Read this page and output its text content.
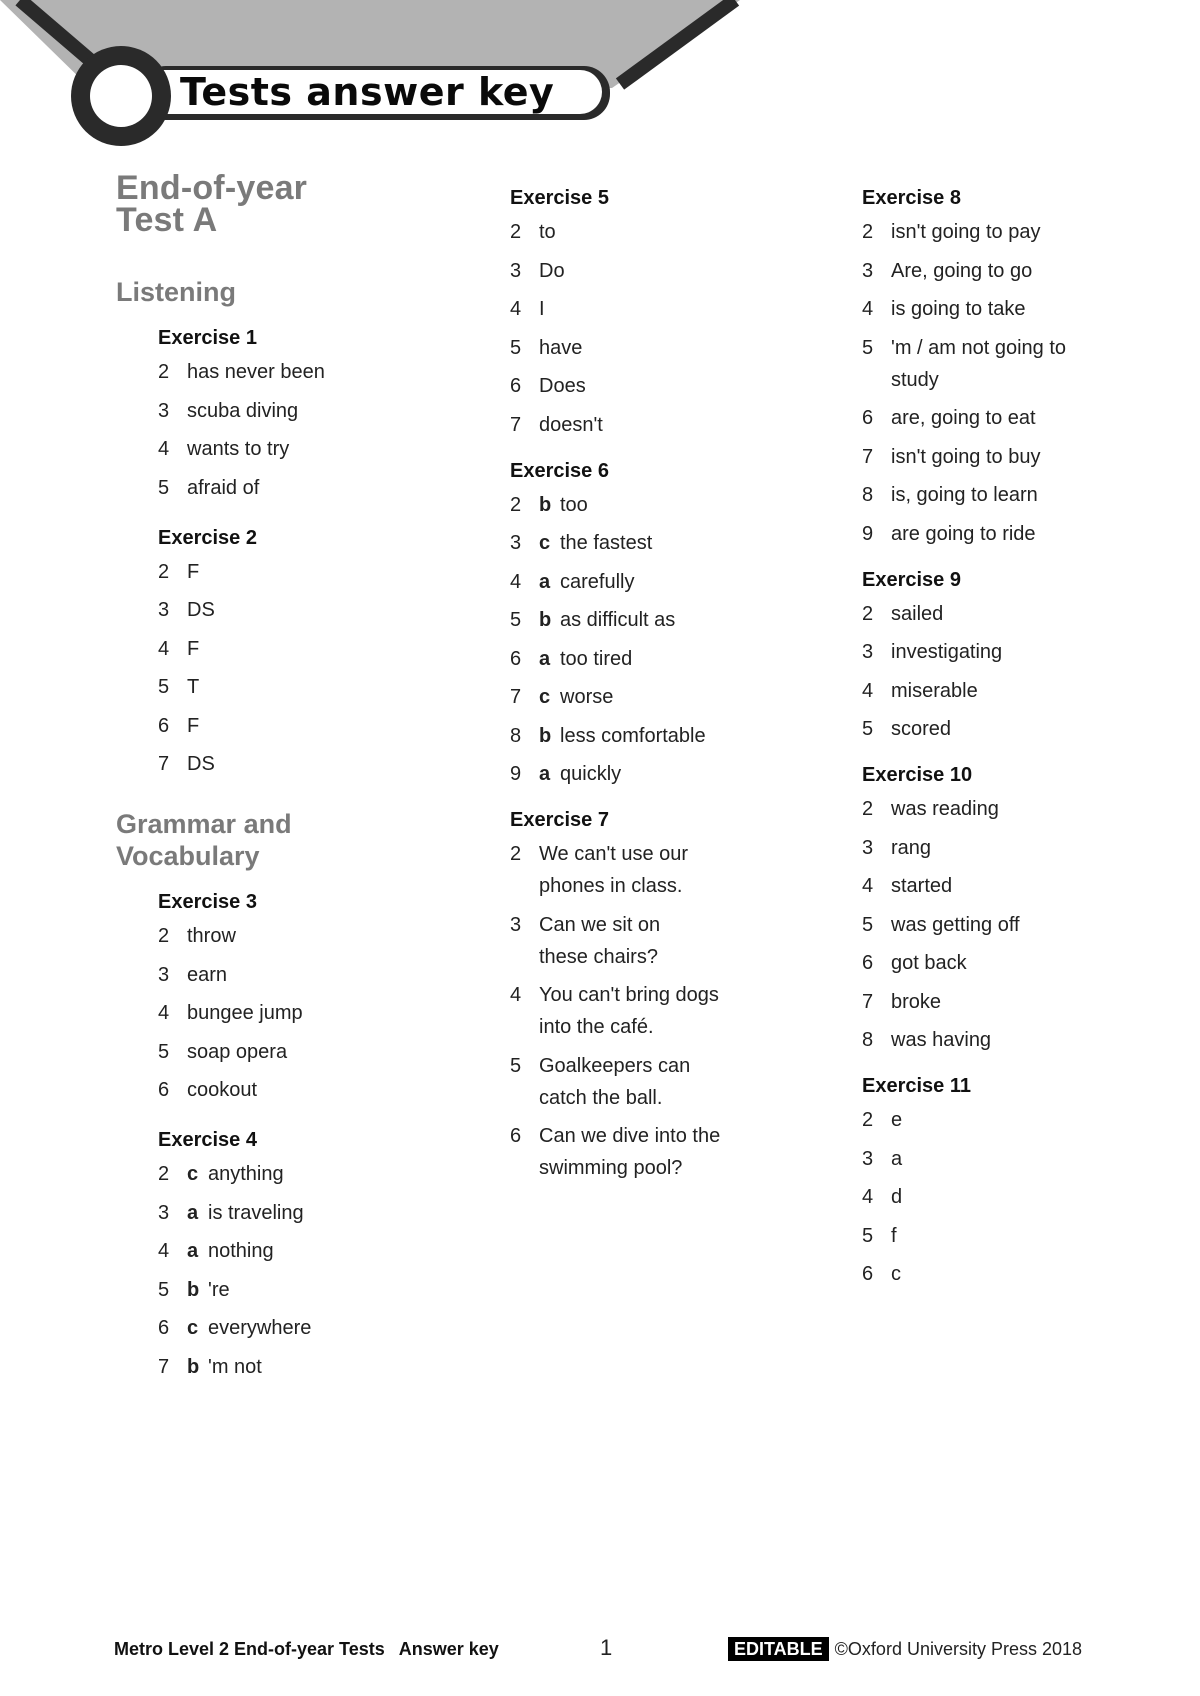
Tests answer key
End-of-year
Test A
Listening
Exercise 1
2 has never been
3 scuba diving
4 wants to try
5 afraid of
Exercise 2
2 F
3 DS
4 F
5 T
6 F
7 DS
Grammar and Vocabulary
Exercise 3
2 throw
3 earn
4 bungee jump
5 soap opera
6 cookout
Exercise 4
2 c anything
3 a is traveling
4 a nothing
5 b 're
6 c everywhere
7 b 'm not
Exercise 5
2 to
3 Do
4 I
5 have
6 Does
7 doesn't
Exercise 6
2 b too
3 c the fastest
4 a carefully
5 b as difficult as
6 a too tired
7 c worse
8 b less comfortable
9 a quickly
Exercise 7
2 We can't use our phones in class.
3 Can we sit on these chairs?
4 You can't bring dogs into the café.
5 Goalkeepers can catch the ball.
6 Can we dive into the swimming pool?
Exercise 8
2 isn't going to pay
3 Are, going to go
4 is going to take
5 'm / am not going to study
6 are, going to eat
7 isn't going to buy
8 is, going to learn
9 are going to ride
Exercise 9
2 sailed
3 investigating
4 miserable
5 scored
Exercise 10
2 was reading
3 rang
4 started
5 was getting off
6 got back
7 broke
8 was having
Exercise 11
2 e
3 a
4 d
5 f
6 c
Metro Level 2 End-of-year Tests Answer key	1	EDITABLE ©Oxford University Press 2018
